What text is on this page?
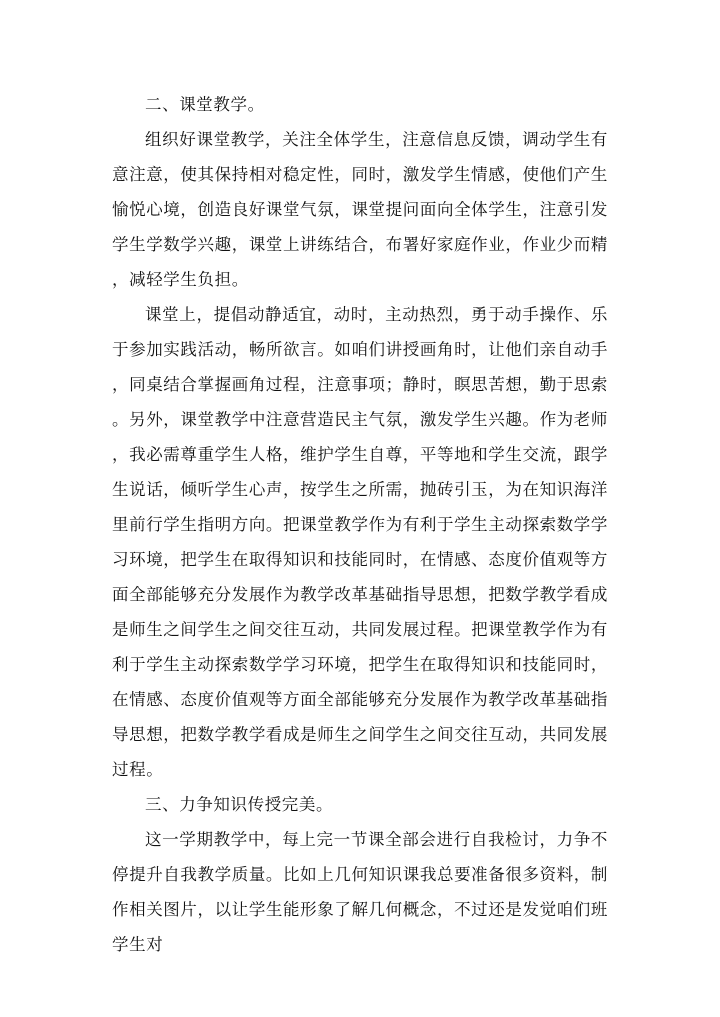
二、课堂教学。

组织好课堂教学，关注全体学生，注意信息反馈，调动学生有意注意，使其保持相对稳定性，同时，激发学生情感，使他们产生愉悦心境，创造良好课堂气氛，课堂提问面向全体学生，注意引发学生学数学兴趣，课堂上讲练结合，布署好家庭作业，作业少而精，减轻学生负担。

课堂上，提倡动静适宜，动时，主动热烈，勇于动手操作、乐于参加实践活动，畅所欲言。如咱们讲授画角时，让他们亲自动手，同桌结合掌握画角过程，注意事项；静时，瞑思苦想，勤于思索。另外，课堂教学中注意营造民主气氛，激发学生兴趣。作为老师，我必需尊重学生人格，维护学生自尊，平等地和学生交流，跟学生说话，倾听学生心声，按学生之所需，抛砖引玉，为在知识海洋里前行学生指明方向。把课堂教学作为有利于学生主动探索数学学习环境，把学生在取得知识和技能同时，在情感、态度价值观等方面全部能够充分发展作为教学改革基础指导思想，把数学教学看成是师生之间学生之间交往互动，共同发展过程。把课堂教学作为有利于学生主动探索数学学习环境，把学生在取得知识和技能同时，在情感、态度价值观等方面全部能够充分发展作为教学改革基础指导思想，把数学教学看成是师生之间学生之间交往互动，共同发展过程。

三、力争知识传授完美。

这一学期教学中，每上完一节课全部会进行自我检讨，力争不停提升自我教学质量。比如上几何知识课我总要准备很多资料，制作相关图片，以让学生能形象了解几何概念，不过还是发觉咱们班学生对
